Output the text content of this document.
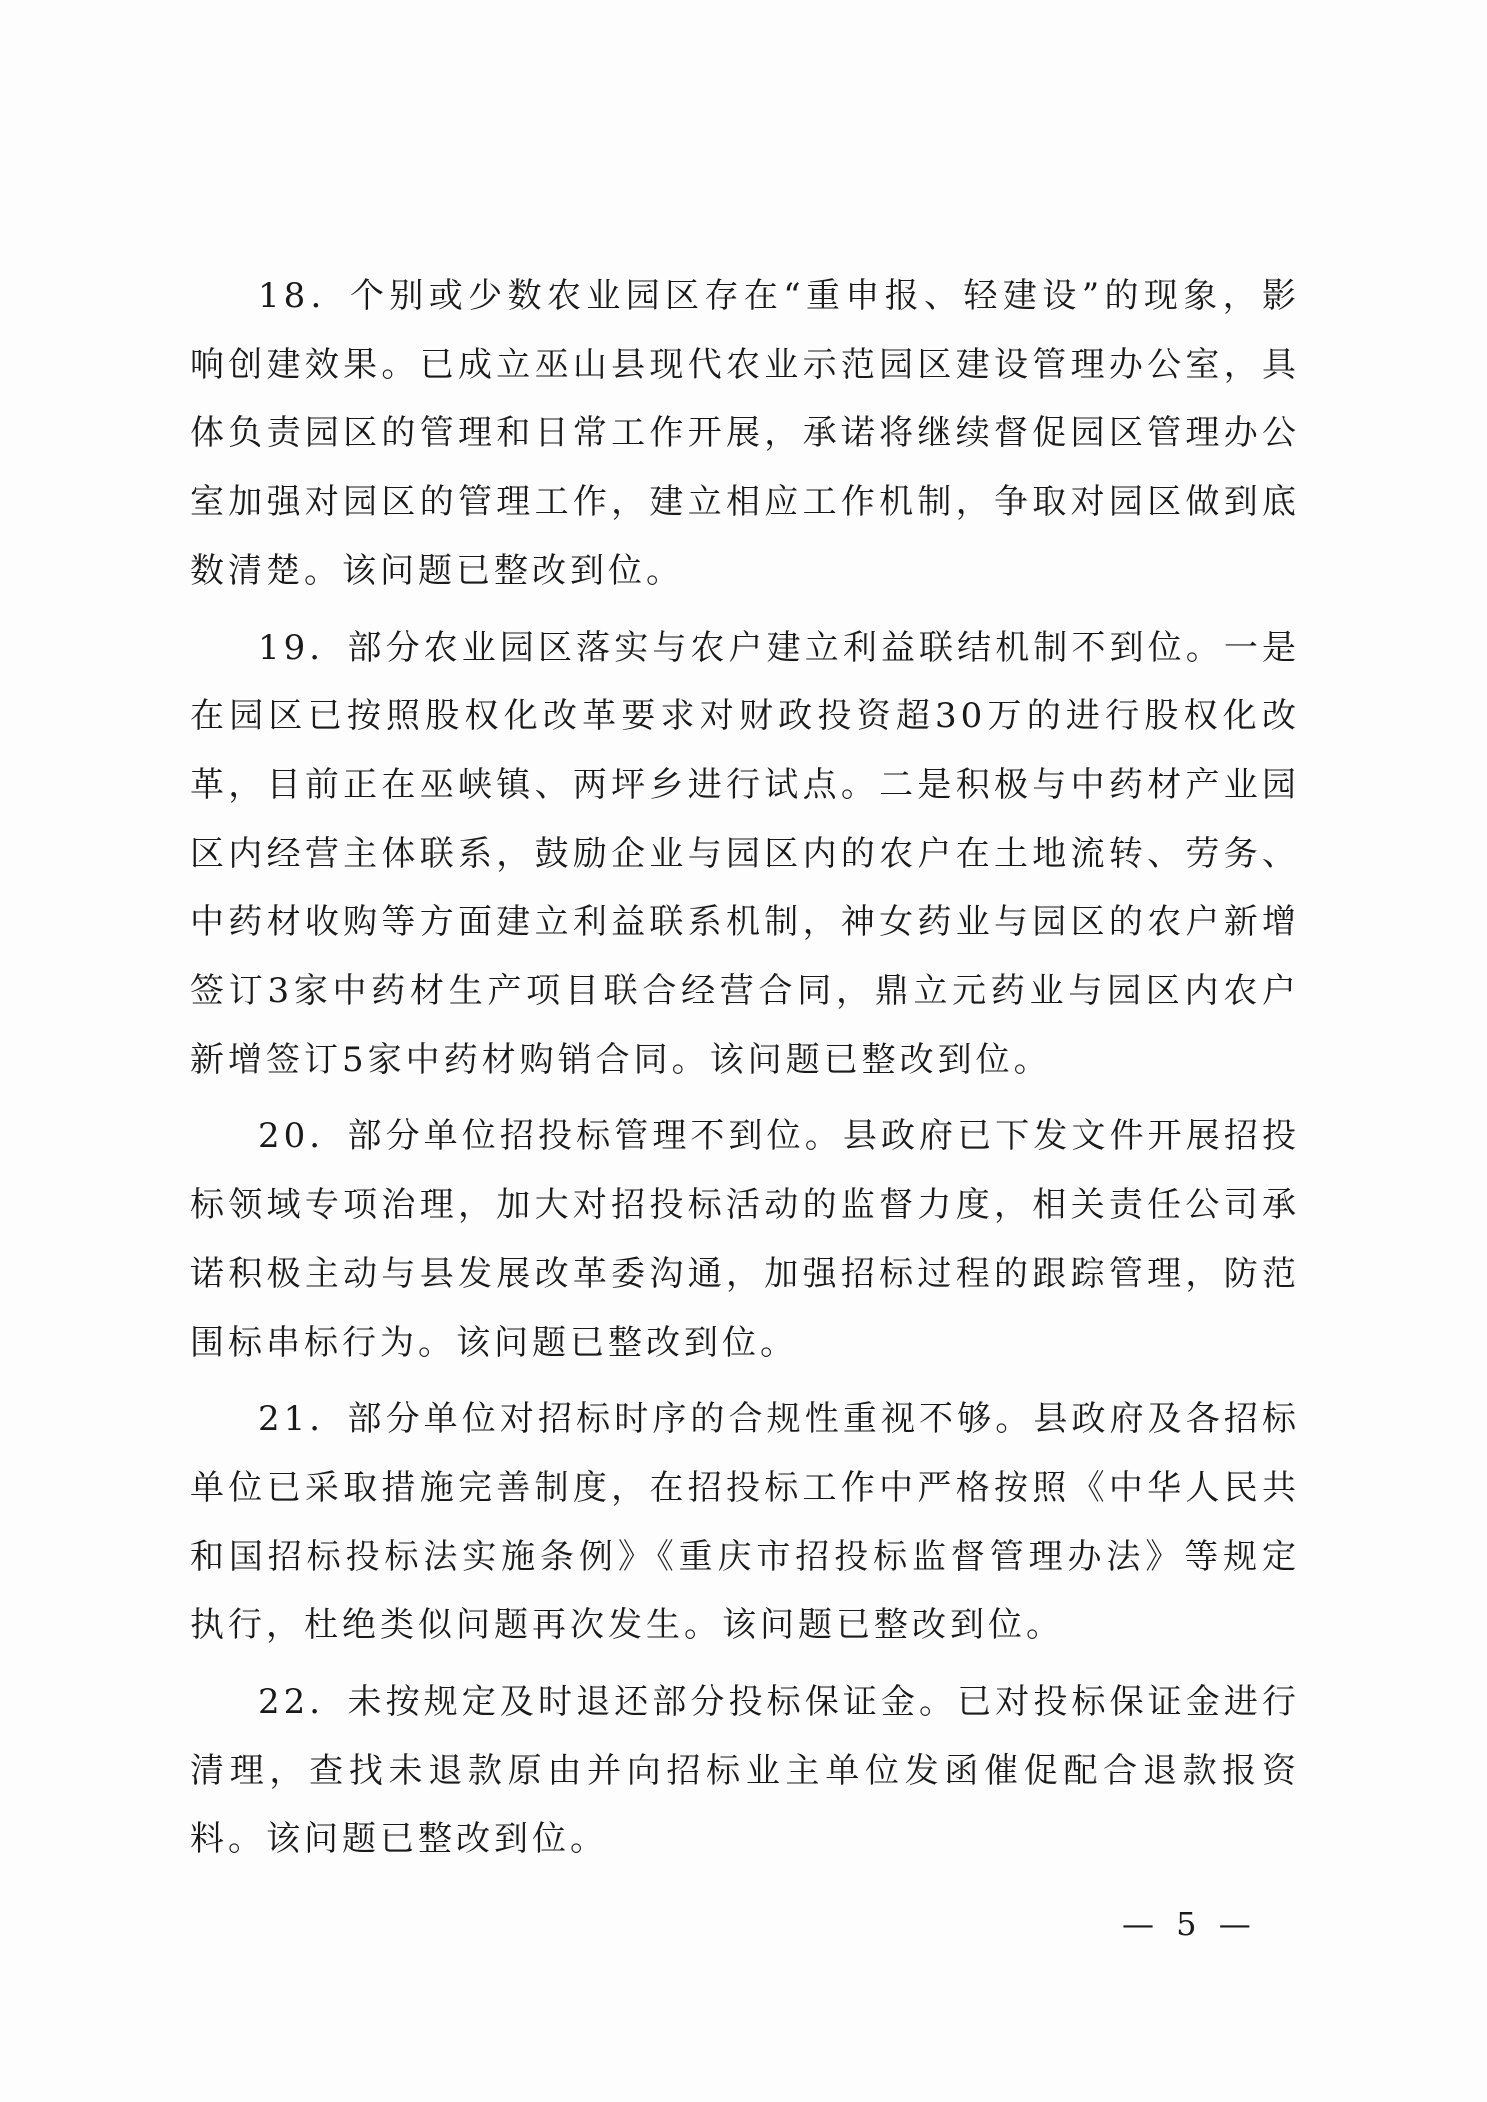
18．个别或少数农业园区存在“重申报、轻建设”的现象，影响创建效果。已成立巫山县现代农业示范园区建设管理办公室，具体负责园区的管理和日常工作开展，承诺将继续督促园区管理办公室加强对园区的管理工作，建立相应工作机制，争取对园区做到底数清楚。该问题已整改到位。

19．部分农业园区落实与农户建立利益联结机制不到位。一是在园区已按照股权化改革要求对财政投资超30万的进行股权化改革，目前正在巫峡镇、两坪乡进行试点。二是积极与中药材产业园区内经营主体联系，鼓励企业与园区内的农户在土地流转、劳务、中药材收购等方面建立利益联系机制，神女药业与园区的农户新增签订3家中药材生产项目联合经营合同，鼎立元药业与园区内农户新增签订5家中药材购销合同。该问题已整改到位。

20．部分单位招投标管理不到位。县政府已下发文件开展招投标领域专项治理，加大对招投标活动的监督力度，相关责任公司承诺积极主动与县发展改革委沟通，加强招标过程的跟踪管理，防范围标串标行为。该问题已整改到位。

21．部分单位对招标时序的合规性重视不够。县政府及各招标单位已采取措施完善制度，在招投标工作中严格按照《中华人民共和国招标投标法实施条例》《重庆市招投标监督管理办法》等规定执行，杜绝类似问题再次发生。该问题已整改到位。

22．未按规定及时退还部分投标保证金。已对投标保证金进行清理，查找未退款原由并向招标业主单位发函催促配合退款报资料。该问题已整改到位。

— 5 —
